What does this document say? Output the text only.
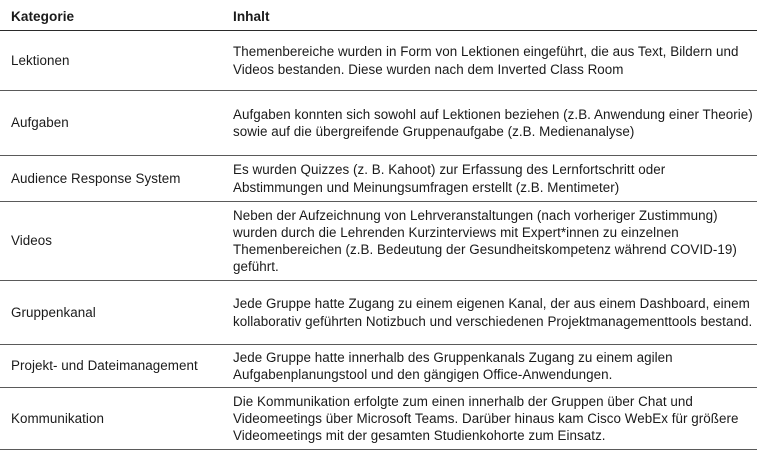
Kategorie	Inhalt
Lektionen
Themenbereiche wurden in Form von Lektionen eingeführt, die aus Text, Bildern und Videos bestanden. Diese wurden nach dem Inverted Class Room
Aufgaben
Aufgaben konnten sich sowohl auf Lektionen beziehen (z.B. Anwendung einer Theorie) sowie auf die übergreifende Gruppenaufgabe (z.B. Medienanalyse)
Audience Response System
Es wurden Quizzes (z. B. Kahoot) zur Erfassung des Lernfortschritt oder Abstimmungen und Meinungsumfragen erstellt (z.B. Mentimeter)
Videos
Neben der Aufzeichnung von Lehrveranstaltungen (nach vorheriger Zustimmung) wurden durch die Lehrenden Kurzinterviews mit Expert*innen zu einzelnen Themenbereichen (z.B. Bedeutung der Gesundheitskompetenz während COVID-19) geführt.
Gruppenkanal
Jede Gruppe hatte Zugang zu einem eigenen Kanal, der aus einem Dashboard, einem kollaborativ geführten Notizbuch und verschiedenen Projektmanagementtools bestand.
Projekt- und Dateimanagement
Jede Gruppe hatte innerhalb des Gruppenkanals Zugang zu einem agilen Aufgabenplanungstool und den gängigen Office-Anwendungen.
Kommunikation
Die Kommunikation erfolgte zum einen innerhalb der Gruppen über Chat und Videomeetings über Microsoft Teams. Darüber hinaus kam Cisco WebEx für größere Videomeetings mit der gesamten Studienkohorte zum Einsatz.
